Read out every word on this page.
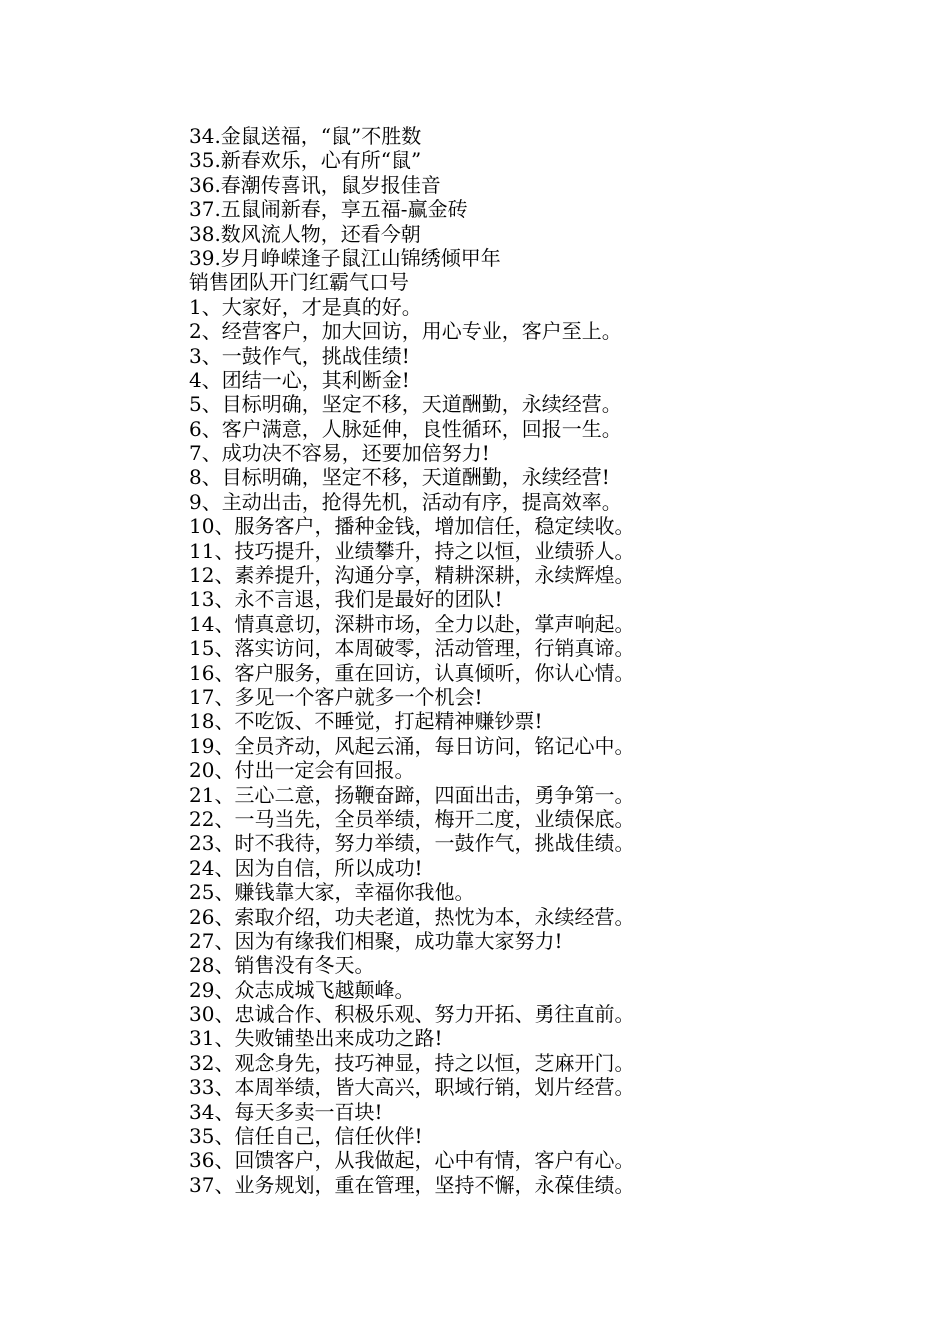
34.金鼠送福，“鼠”不胜数
35.新春欢乐，心有所“鼠”
36.春潮传喜讯，鼠岁报佳音
37.五鼠闹新春，享五福-赢金砖
38.数风流人物，还看今朝
39.岁月峥嵘逢子鼠江山锦绣倾甲年
销售团队开门红霸气口号
1、大家好，才是真的好。
2、经营客户，加大回访，用心专业，客户至上。
3、一鼓作气，挑战佳绩!
4、团结一心，其利断金!
5、目标明确，坚定不移，天道酬勤，永续经营。
6、客户满意，人脉延伸，良性循环，回报一生。
7、成功决不容易，还要加倍努力!
8、目标明确，坚定不移，天道酬勤，永续经营!
9、主动出击，抢得先机，活动有序，提高效率。
10、服务客户，播种金钱，增加信任，稳定续收。
11、技巧提升，业绩攀升，持之以恒，业绩骄人。
12、素养提升，沟通分享，精耕深耕，永续辉煌。
13、永不言退，我们是最好的团队!
14、情真意切，深耕市场，全力以赴，掌声响起。
15、落实访问，本周破零，活动管理，行销真谛。
16、客户服务，重在回访，认真倾听，你认心情。
17、多见一个客户就多一个机会!
18、不吃饭、不睡觉，打起精神赚钞票!
19、全员齐动，风起云涌，每日访问，铭记心中。
20、付出一定会有回报。
21、三心二意，扬鞭奋蹄，四面出击，勇争第一。
22、一马当先，全员举绩，梅开二度，业绩保底。
23、时不我待，努力举绩，一鼓作气，挑战佳绩。
24、因为自信，所以成功!
25、赚钱靠大家，幸福你我他。
26、索取介绍，功夫老道，热忱为本，永续经营。
27、因为有缘我们相聚，成功靠大家努力!
28、销售没有冬天。
29、众志成城飞越颠峰。
30、忠诚合作、积极乐观、努力开拓、勇往直前。
31、失败铺垫出来成功之路!
32、观念身先，技巧神显，持之以恒，芝麻开门。
33、本周举绩，皆大高兴，职域行销，划片经营。
34、每天多卖一百块!
35、信任自己，信任伙伴!
36、回馈客户，从我做起，心中有情，客户有心。
37、业务规划，重在管理，坚持不懈，永葆佳绩。
